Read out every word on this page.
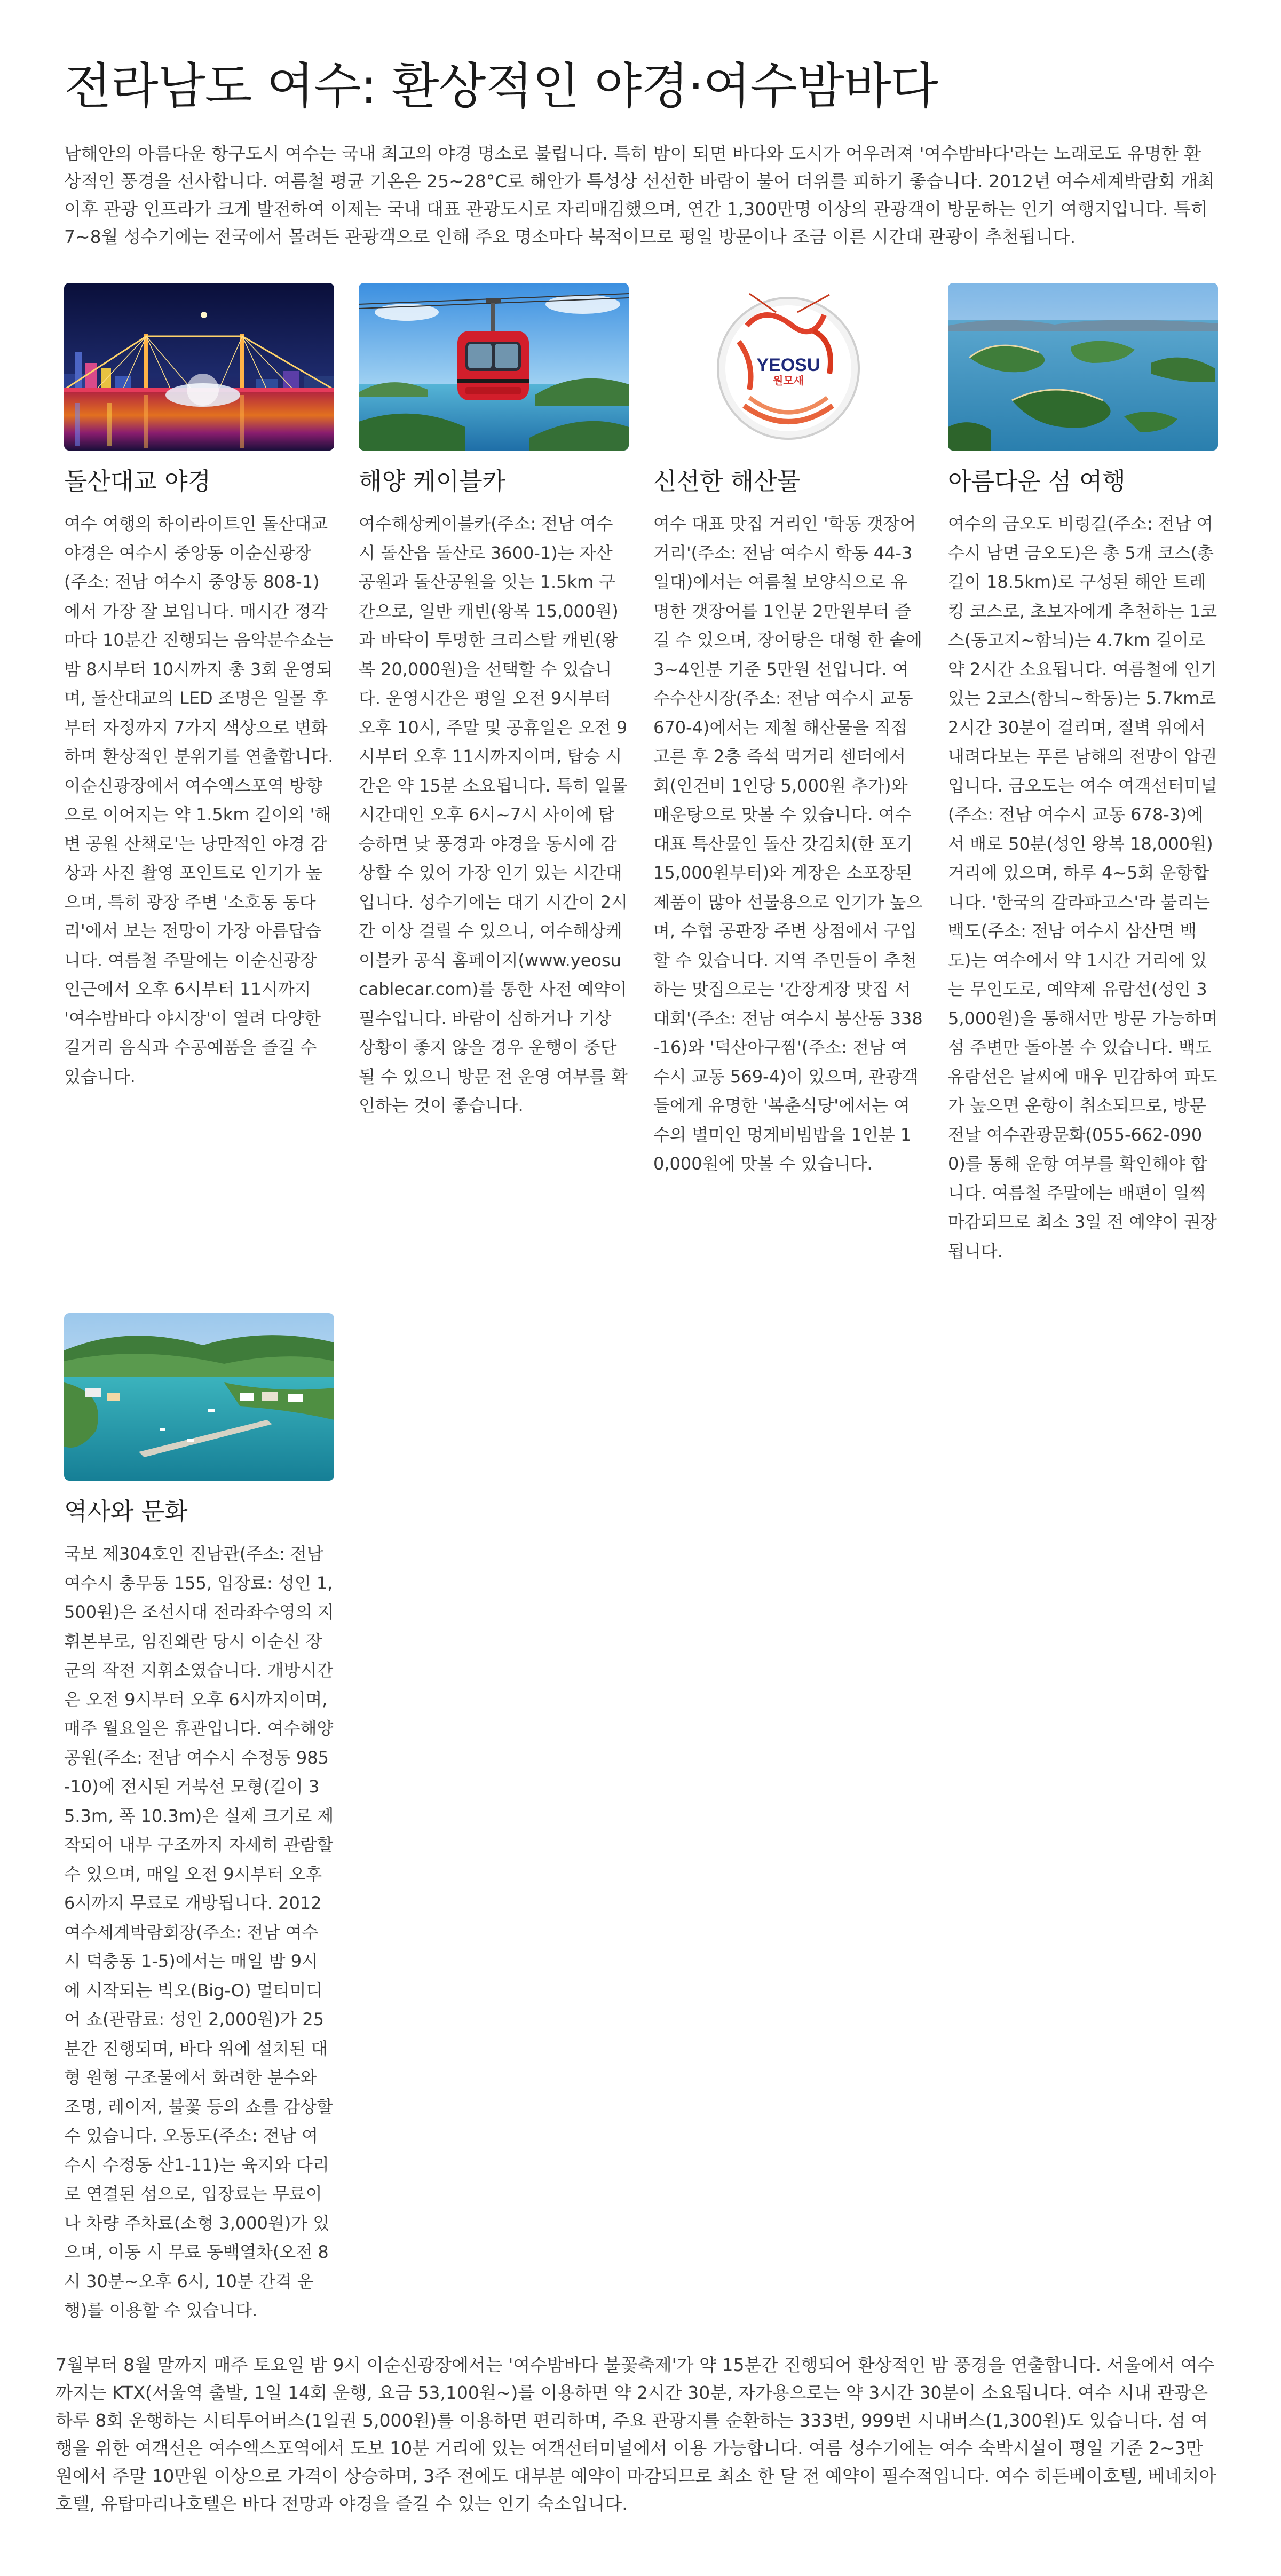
전라남도 여수: 환상적인 야경·여수밤바다

남해안의 아름다운 항구도시 여수는 국내 최고의 야경 명소로 불립니다. 특히 밤이 되면 바다와 도시가 어우러져 '여수밤바다'라는 노래로도 유명한 환상적인 풍경을 선사합니다. 여름철 평균 기온은 25~28°C로 해안가 특성상 선선한 바람이 불어 더위를 피하기 좋습니다. 2012년 여수세계박람회 개최 이후 관광 인프라가 크게 발전하여 이제는 국내 대표 관광도시로 자리매김했으며, 연간 1,300만명 이상의 관광객이 방문하는 인기 여행지입니다. 특히 7~8월 성수기에는 전국에서 몰려든 관광객으로 인해 주요 명소마다 북적이므로 평일 방문이나 조금 이른 시간대 관광이 추천됩니다.

돌산대교 야경

여수 여행의 하이라이트인 돌산대교 야경은 여수시 중앙동 이순신광장(주소: 전남 여수시 중앙동 808-1)에서 가장 잘 보입니다. 매시간 정각마다 10분간 진행되는 음악분수쇼는 밤 8시부터 10시까지 총 3회 운영되며, 돌산대교의 LED 조명은 일몰 후부터 자정까지 7가지 색상으로 변화하며 환상적인 분위기를 연출합니다. 이순신광장에서 여수엑스포역 방향으로 이어지는 약 1.5km 길이의 '해변 공원 산책로'는 낭만적인 야경 감상과 사진 촬영 포인트로 인기가 높으며, 특히 광장 주변 '소호동 동다리'에서 보는 전망이 가장 아름답습니다. 여름철 주말에는 이순신광장 인근에서 오후 6시부터 11시까지 '여수밤바다 야시장'이 열려 다양한 길거리 음식과 수공예품을 즐길 수 있습니다.

해양 케이블카

여수해상케이블카(주소: 전남 여수시 돌산읍 돌산로 3600-1)는 자산공원과 돌산공원을 잇는 1.5km 구간으로, 일반 캐빈(왕복 15,000원)과 바닥이 투명한 크리스탈 캐빈(왕복 20,000원)을 선택할 수 있습니다. 운영시간은 평일 오전 9시부터 오후 10시, 주말 및 공휴일은 오전 9시부터 오후 11시까지이며, 탑승 시간은 약 15분 소요됩니다. 특히 일몰 시간대인 오후 6시~7시 사이에 탑승하면 낮 풍경과 야경을 동시에 감상할 수 있어 가장 인기 있는 시간대입니다. 성수기에는 대기 시간이 2시간 이상 걸릴 수 있으니, 여수해상케이블카 공식 홈페이지(www.yeosucablecar.com)를 통한 사전 예약이 필수입니다. 바람이 심하거나 기상 상황이 좋지 않을 경우 운행이 중단될 수 있으니 방문 전 운영 여부를 확인하는 것이 좋습니다.

YEOSU
원모새
신선한 해산물

여수 대표 맛집 거리인 '학동 갯장어 거리'(주소: 전남 여수시 학동 44-3 일대)에서는 여름철 보양식으로 유명한 갯장어를 1인분 2만원부터 즐길 수 있으며, 장어탕은 대형 한 솥에 3~4인분 기준 5만원 선입니다. 여수수산시장(주소: 전남 여수시 교동 670-4)에서는 제철 해산물을 직접 고른 후 2층 즉석 먹거리 센터에서 회(인건비 1인당 5,000원 추가)와 매운탕으로 맛볼 수 있습니다. 여수 대표 특산물인 돌산 갓김치(한 포기 15,000원부터)와 게장은 소포장된 제품이 많아 선물용으로 인기가 높으며, 수협 공판장 주변 상점에서 구입할 수 있습니다. 지역 주민들이 추천하는 맛집으로는 '간장게장 맛집 서대회'(주소: 전남 여수시 봉산동 338-16)와 '덕산아구찜'(주소: 전남 여수시 교동 569-4)이 있으며, 관광객들에게 유명한 '복춘식당'에서는 여수의 별미인 멍게비빔밥을 1인분 10,000원에 맛볼 수 있습니다.

아름다운 섬 여행

여수의 금오도 비렁길(주소: 전남 여수시 남면 금오도)은 총 5개 코스(총 길이 18.5km)로 구성된 해안 트레킹 코스로, 초보자에게 추천하는 1코스(동고지~함늬)는 4.7km 길이로 약 2시간 소요됩니다. 여름철에 인기 있는 2코스(함늬~학동)는 5.7km로 2시간 30분이 걸리며, 절벽 위에서 내려다보는 푸른 남해의 전망이 압권입니다. 금오도는 여수 여객선터미널(주소: 전남 여수시 교동 678-3)에서 배로 50분(성인 왕복 18,000원) 거리에 있으며, 하루 4~5회 운항합니다. '한국의 갈라파고스'라 불리는 백도(주소: 전남 여수시 삼산면 백도)는 여수에서 약 1시간 거리에 있는 무인도로, 예약제 유람선(성인 35,000원)을 통해서만 방문 가능하며 섬 주변만 돌아볼 수 있습니다. 백도 유람선은 날씨에 매우 민감하여 파도가 높으면 운항이 취소되므로, 방문 전날 여수관광문화(055-662-0900)를 통해 운항 여부를 확인해야 합니다. 여름철 주말에는 배편이 일찍 마감되므로 최소 3일 전 예약이 권장됩니다.

역사와 문화

국보 제304호인 진남관(주소: 전남 여수시 충무동 155, 입장료: 성인 1,500원)은 조선시대 전라좌수영의 지휘본부로, 임진왜란 당시 이순신 장군의 작전 지휘소였습니다. 개방시간은 오전 9시부터 오후 6시까지이며, 매주 월요일은 휴관입니다. 여수해양공원(주소: 전남 여수시 수정동 985-10)에 전시된 거북선 모형(길이 35.3m, 폭 10.3m)은 실제 크기로 제작되어 내부 구조까지 자세히 관람할 수 있으며, 매일 오전 9시부터 오후 6시까지 무료로 개방됩니다. 2012 여수세계박람회장(주소: 전남 여수시 덕충동 1-5)에서는 매일 밤 9시에 시작되는 빅오(Big-O) 멀티미디어 쇼(관람료: 성인 2,000원)가 25분간 진행되며, 바다 위에 설치된 대형 원형 구조물에서 화려한 분수와 조명, 레이저, 불꽃 등의 쇼를 감상할 수 있습니다. 오동도(주소: 전남 여수시 수정동 산1-11)는 육지와 다리로 연결된 섬으로, 입장료는 무료이나 차량 주차료(소형 3,000원)가 있으며, 이동 시 무료 동백열차(오전 8시 30분~오후 6시, 10분 간격 운행)를 이용할 수 있습니다.

7월부터 8월 말까지 매주 토요일 밤 9시 이순신광장에서는 '여수밤바다 불꽃축제'가 약 15분간 진행되어 환상적인 밤 풍경을 연출합니다. 서울에서 여수까지는 KTX(서울역 출발, 1일 14회 운행, 요금 53,100원~)를 이용하면 약 2시간 30분, 자가용으로는 약 3시간 30분이 소요됩니다. 여수 시내 관광은 하루 8회 운행하는 시티투어버스(1일권 5,000원)를 이용하면 편리하며, 주요 관광지를 순환하는 333번, 999번 시내버스(1,300원)도 있습니다. 섬 여행을 위한 여객선은 여수엑스포역에서 도보 10분 거리에 있는 여객선터미널에서 이용 가능합니다. 여름 성수기에는 여수 숙박시설이 평일 기준 2~3만원에서 주말 10만원 이상으로 가격이 상승하며, 3주 전에도 대부분 예약이 마감되므로 최소 한 달 전 예약이 필수적입니다. 여수 히든베이호텔, 베네치아호텔, 유탑마리나호텔은 바다 전망과 야경을 즐길 수 있는 인기 숙소입니다.
